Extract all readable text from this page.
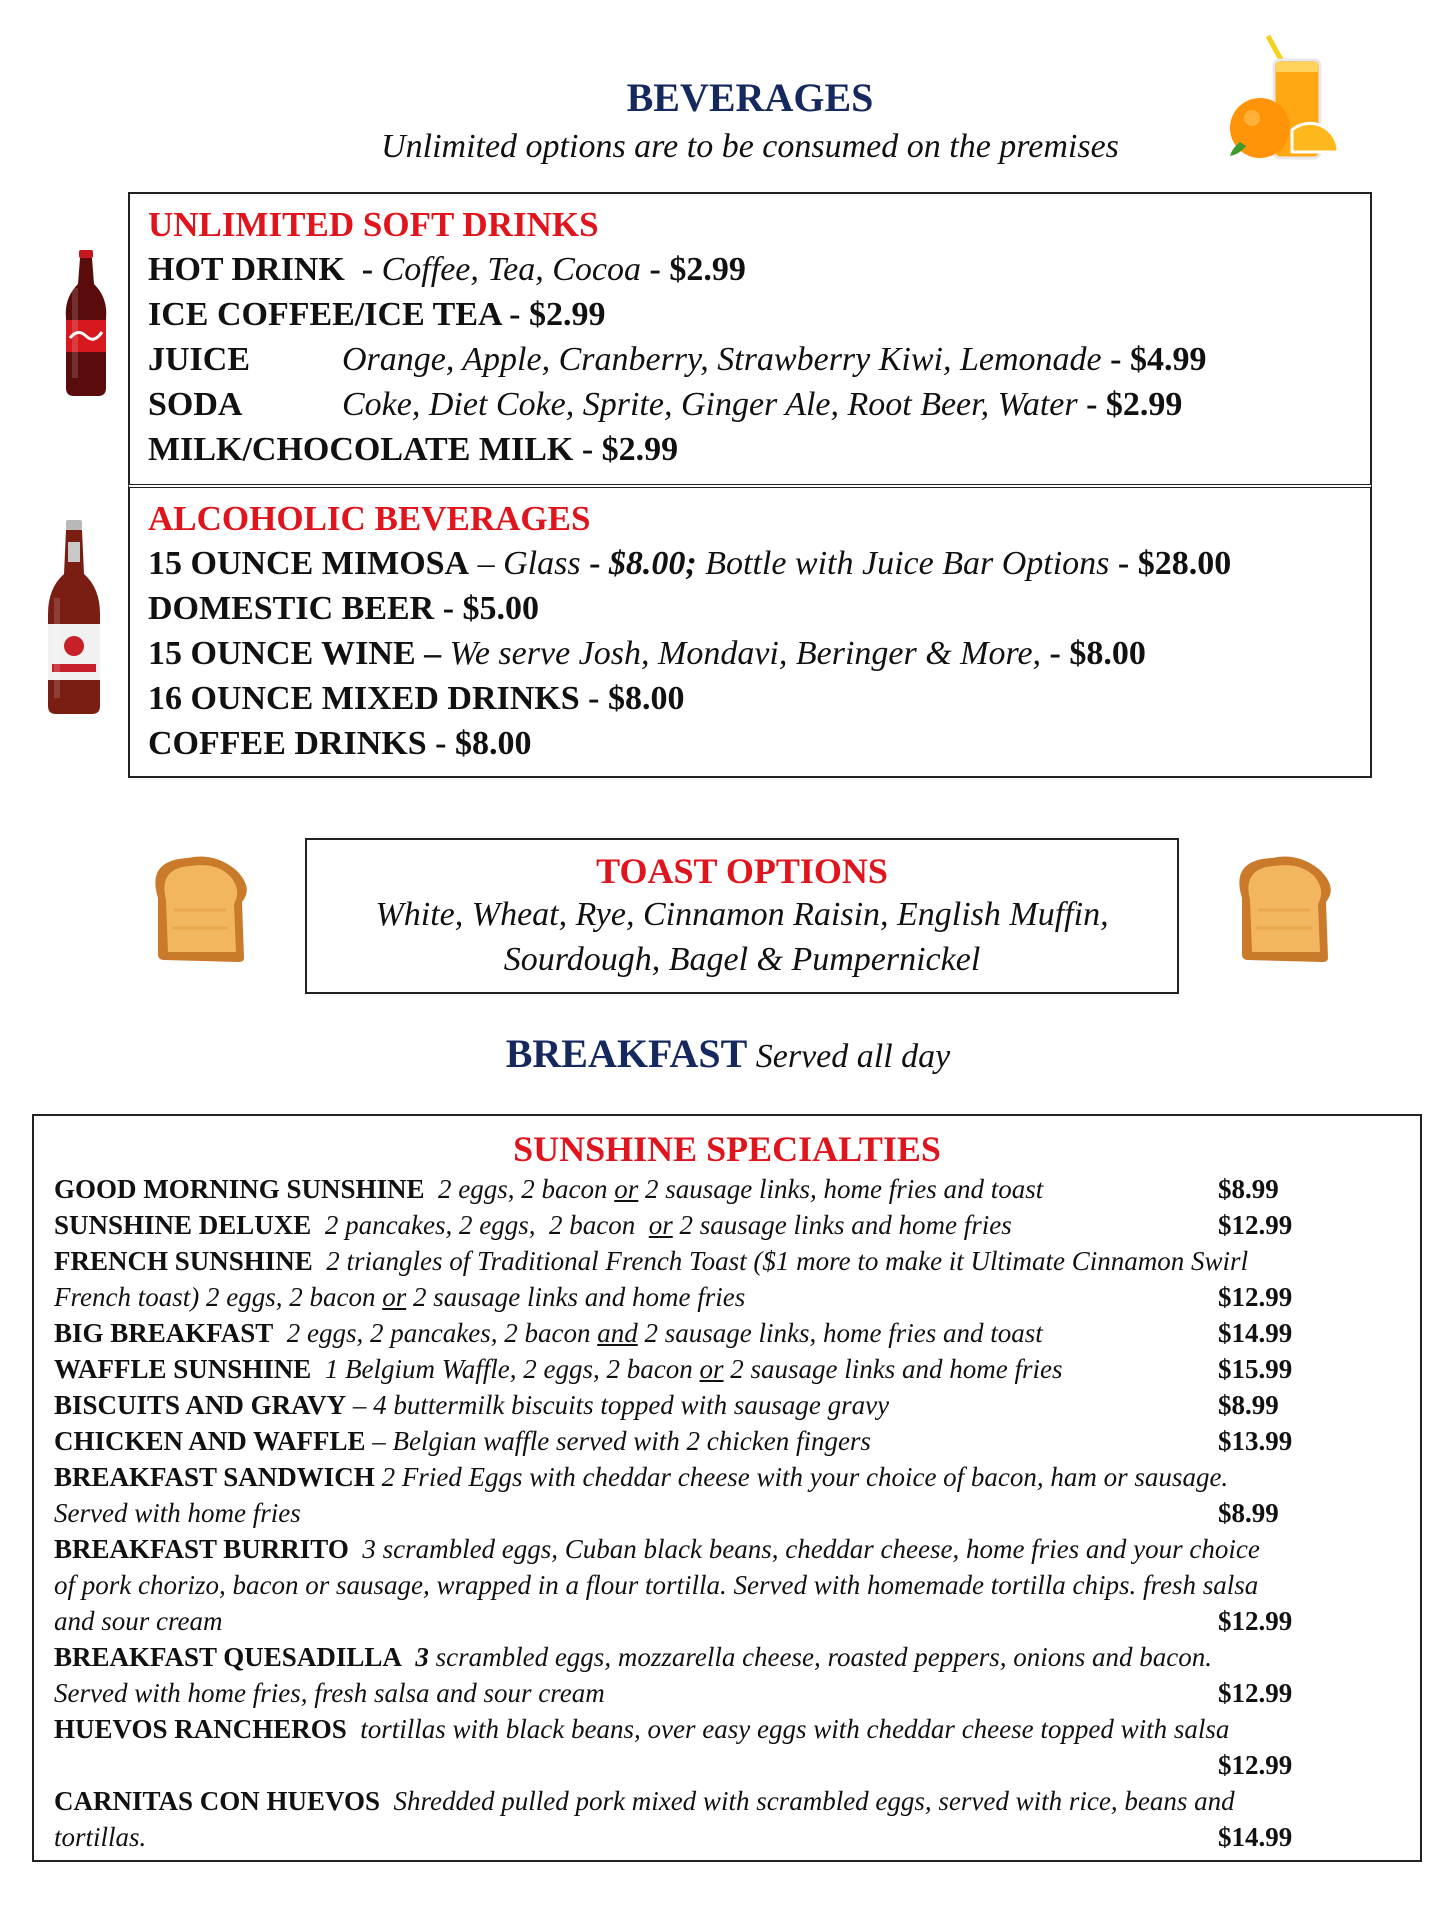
BEVERAGES
Unlimited options are to be consumed on the premises
UNLIMITED SOFT DRINKS
HOT DRINK  - Coffee, Tea, Cocoa - $2.99
ICE COFFEE/ICE TEA - $2.99
JUICE	Orange, Apple, Cranberry, Strawberry Kiwi, Lemonade - $4.99
SODA	Coke, Diet Coke, Sprite, Ginger Ale, Root Beer, Water - $2.99
MILK/CHOCOLATE MILK - $2.99
ALCOHOLIC BEVERAGES
15 OUNCE MIMOSA – Glass - $8.00; Bottle with Juice Bar Options - $28.00
DOMESTIC BEER - $5.00
15 OUNCE WINE – We serve Josh, Mondavi, Beringer & More, - $8.00
16 OUNCE MIXED DRINKS - $8.00
COFFEE DRINKS - $8.00
TOAST OPTIONS
White, Wheat, Rye, Cinnamon Raisin, English Muffin,
Sourdough, Bagel & Pumpernickel
BREAKFAST Served all day
SUNSHINE SPECIALTIES
GOOD MORNING SUNSHINE  2 eggs, 2 bacon or 2 sausage links, home fries and toast	$8.99
SUNSHINE DELUXE  2 pancakes, 2 eggs,  2 bacon  or 2 sausage links and home fries	$12.99
FRENCH SUNSHINE  2 triangles of Traditional French Toast ($1 more to make it Ultimate Cinnamon Swirl
French toast) 2 eggs, 2 bacon or 2 sausage links and home fries	$12.99
BIG BREAKFAST  2 eggs, 2 pancakes, 2 bacon and 2 sausage links, home fries and toast	$14.99
WAFFLE SUNSHINE  1 Belgium Waffle, 2 eggs, 2 bacon or 2 sausage links and home fries	$15.99
BISCUITS AND GRAVY – 4 buttermilk biscuits topped with sausage gravy	$8.99
CHICKEN AND WAFFLE – Belgian waffle served with 2 chicken fingers	$13.99
BREAKFAST SANDWICH 2 Fried Eggs with cheddar cheese with your choice of bacon, ham or sausage.
Served with home fries	$8.99
BREAKFAST BURRITO  3 scrambled eggs, Cuban black beans, cheddar cheese, home fries and your choice
of pork chorizo, bacon or sausage, wrapped in a flour tortilla. Served with homemade tortilla chips. fresh salsa
and sour cream	$12.99
BREAKFAST QUESADILLA  3 scrambled eggs, mozzarella cheese, roasted peppers, onions and bacon.
Served with home fries, fresh salsa and sour cream	$12.99
HUEVOS RANCHEROS  tortillas with black beans, over easy eggs with cheddar cheese topped with salsa
$12.99
CARNITAS CON HUEVOS  Shredded pulled pork mixed with scrambled eggs, served with rice, beans and
tortillas.	$14.99
